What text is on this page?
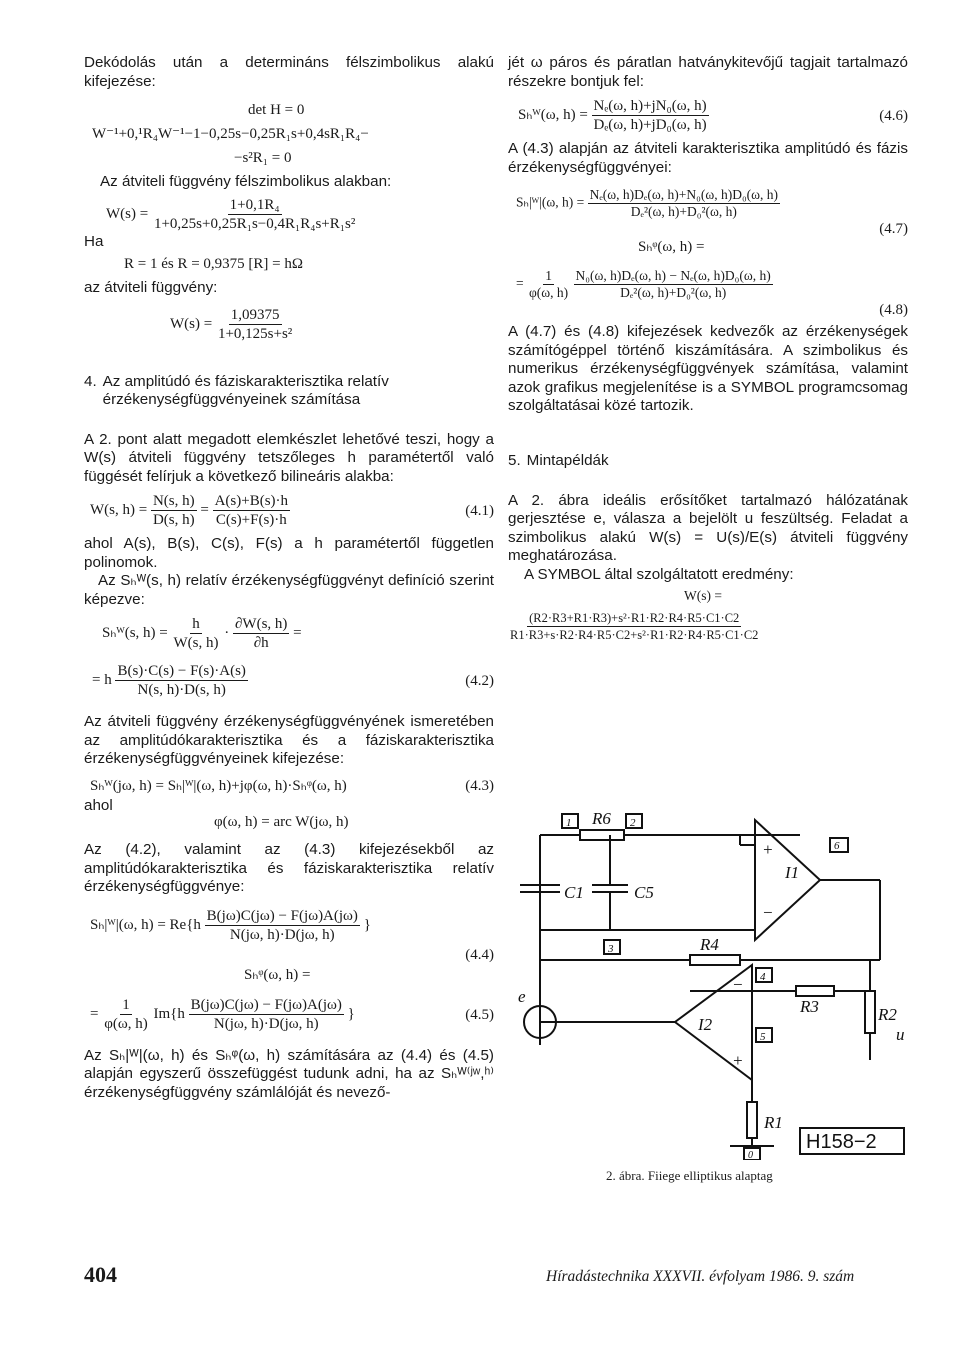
Dekódolás után a determináns félszimbolikus alakú kifejezése:

det H = 0
W⁻¹+0,¹R₄W⁻¹−1−0,25s−0,25R₁s+0,4sR₁R₄−
−s²R₁ = 0

Az átviteli függvény félszimbolikus alakban:

$W(s) = \frac{\text{1+0,1R₄}}{\text{1+0,25s+0,25R₁s−0,4R₁R₄s+R₁s²}}$

Ha

R = 1 és R = 0,9375 [R] = hΩ

az átviteli függvény:

$W(s) = \frac{1,09375}{\text{1+0,125s+s²}}$
4. Az amplitúdó és fáziskarakterisztika relatív érzékenységfüggvényeinek számítása

A 2. pont alatt megadott elemkészlet lehetővé teszi, hogy a W(s) átviteli függvény tetszőleges h paramétertől való függését felírjuk a következő bilineáris alakba:

W(s, $h) = \frac{N(s, h)}{D(s, h)} = \frac{A(s)+B(s)\cdot h}{C(s)+F(s)\cdot h}$	(4.1)

ahol A(s), B(s), C(s), F(s) a h paramétertől független polinomok.

Az Sₕᵂ(s, h) relatív érzékenységfüggvényt definíció szerint képezve:

Sₕᵂ(s, $h) = \frac{h}{W(s, h)} \cdot \frac{\partial W(s, h)}{\partial h}$ =
= h $\frac{B(s)\cdot C(s) - F(s)\cdot A(s)}{N(s, h)\cdot D(s, h)}$	(4.2)

Az átviteli függvény érzékenységfüggvényének ismeretében az amplitúdókarakterisztika és a fáziskarakterisztika érzékenységfüggvényeinek kifejezése:

Sₕᵂ(jω, h) = Sₕ|ᵂ|(ω, h)+jφ(ω, h)·Sₕᵠ(ω, h)	(4.3)

ahol

φ(ω, h) = arc W(jω, h)

Az (4.2), valamint az (4.3) kifejezésekből az amplitúdókarakterisztika és fáziskarakterisztika relatív érzékenységfüggvénye:

Sₕ|ᵂ|(ω, $h) = Re\{h \frac{B(j\omega)C(j\omega) - F(j\omega)A(j\omega)}{N(j\omega, h)\cdot D(j\omega, h)}$ }
(4.4)
Sₕᵠ(ω, h) =
= $\frac{1}{\varphi(\omega, h)} Im\{h \frac{B(j\omega)C(j\omega) - F(j\omega)A(j\omega)}{N(j\omega, h)\cdot D(j\omega, h)}$ }	(4.5)

Az Sₕ|ᵂ|(ω, h) és Sₕᵠ(ω, h) számítására az (4.4) és (4.5) alapján egyszerű összefüggést tudunk adni, ha az Sₕᵂ⁽ʲʷ,ʰ⁾ érzékenységfüggvény számlálóját és nevező-

404

jét ω páros és páratlan hatványkitevőjű tagjait tartalmazó részekre bontjuk fel:

Sₕᵂ(ω, $h) = \frac{\text{Nₑ(ω, h)+jN₀(ω, h)}}{\text{Dₑ(ω, h)+jD₀(ω, h)}}$	(4.6)

A (4.3) alapján az átviteli karakterisztika amplitúdó és fázis érzékenységfüggvényei:

Sₕ|ᵂ|(ω, $h) = \frac{\text{Nₑ(ω, h)Dₑ(ω, h)+N₀(ω, h)D₀(ω, h)}}{\text{Dₑ²(ω, h)+D₀²(ω, h)}}$
(4.7)
Sₕᵠ(ω, h) =
= $\frac{1}{\varphi(\omega, h)}$
$\frac{\text{N₀(ω, h)Dₑ(ω, h) − Nₑ(ω, h)D₀(ω, h)}}{\text{Dₑ²(ω, h)+D₀²(ω, h)}}$
(4.8)

A (4.7) és (4.8) kifejezések kedvezők az érzékenységek számítógéppel történő kiszámítására. A szimbolikus és numerikus érzékenységfüggvények számítása, valamint azok grafikus megjelenítése is a SYMBOL programcsomag szolgáltatásai közé tartozik.

5. Mintapéldák

A 2. ábra ideális erősítőket tartalmazó hálózatának gerjesztése e, válasza a bejelölt u feszültség. Feladat a szimbolikus alakú W(s) = U(s)/E(s) átviteli függvény meghatározása.

A SYMBOL által szolgáltatott eredmény:

W(s) =
$\frac{\text{(R2·R3+R1·R3)+s²·R1·R2·R4·R5·C1·C2}}{\text{R1·R3+s·R2·R4·R5·C2+s²·R1·R2·R4·R5·C1·C2}}$
1	2
R6
C1	C5
I1
+
−
6
3	R4
4
R3	R2
u
e
I2
−
+
5
R1
0
H158−2
2. ábra. Fiiege elliptikus alaptag
Híradástechnika XXXVII. évfolyam 1986. 9. szám
